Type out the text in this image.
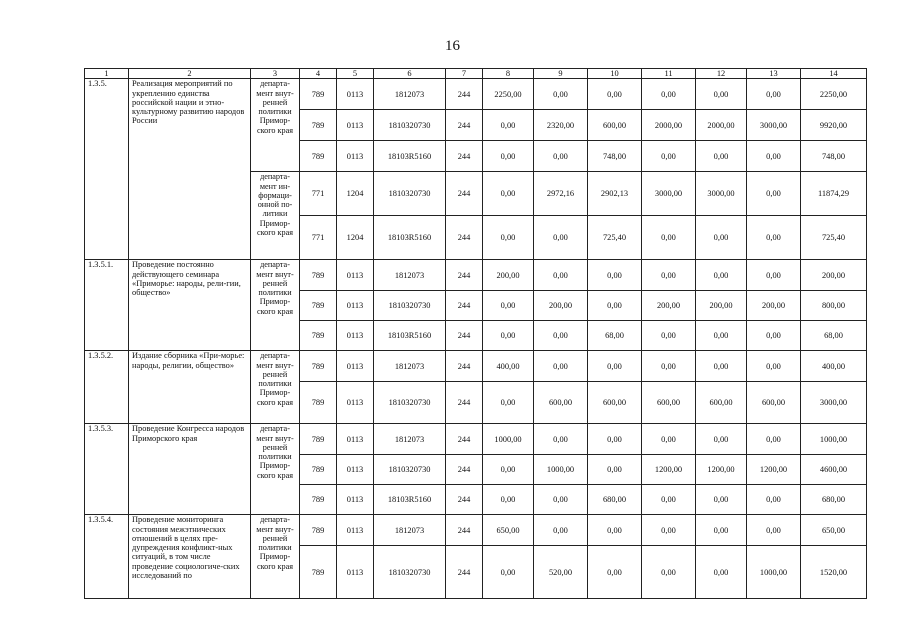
16
1	2	3	4	5	6	7	8	9	10	11	12	13	14
1.3.5.	Реализация мероприятий по укреплению единства российской нации и этно-культурному развитию народов России	департа-мент внут-ренней политики Примор-ского края	789	0113	1812073	244	2250,00	0,00	0,00	0,00	0,00	0,00	2250,00
			789	0113	1810320730	244	0,00	2320,00	600,00	2000,00	2000,00	3000,00	9920,00
			789	0113	18103R5160	244	0,00	0,00	748,00	0,00	0,00	0,00	748,00
		департа-мент ин-формаци-онной по-литики Примор-ского края	771	1204	1810320730	244	0,00	2972,16	2902,13	3000,00	3000,00	0,00	11874,29
			771	1204	18103R5160	244	0,00	0,00	725,40	0,00	0,00	0,00	725,40
1.3.5.1.	Проведение постоянно действующего семинара «Приморье: народы, рели-гии, общество»	департа-мент внут-ренней политики Примор-ского края	789	0113	1812073	244	200,00	0,00	0,00	0,00	0,00	0,00	200,00
			789	0113	1810320730	244	0,00	200,00	0,00	200,00	200,00	200,00	800,00
			789	0113	18103R5160	244	0,00	0,00	68,00	0,00	0,00	0,00	68,00
1.3.5.2.	Издание сборника «При-морье: народы, религии, общество»	департа-мент внут-ренней политики Примор-ского края	789	0113	1812073	244	400,00	0,00	0,00	0,00	0,00	0,00	400,00
			789	0113	1810320730	244	0,00	600,00	600,00	600,00	600,00	600,00	3000,00
1.3.5.3.	Проведение Конгресса народов Приморского края	департа-мент внут-ренней политики Примор-ского края	789	0113	1812073	244	1000,00	0,00	0,00	0,00	0,00	0,00	1000,00
			789	0113	1810320730	244	0,00	1000,00	0,00	1200,00	1200,00	1200,00	4600,00
			789	0113	18103R5160	244	0,00	0,00	680,00	0,00	0,00	0,00	680,00
1.3.5.4.	Проведение мониторинга состояния межэтнических отношений в целях пре-дупреждения конфликт-ных ситуаций, в том числе проведение социологиче-ских исследований по	департа-мент внут-ренней политики Примор-ского края	789	0113	1812073	244	650,00	0,00	0,00	0,00	0,00	0,00	650,00
			789	0113	1810320730	244	0,00	520,00	0,00	0,00	0,00	1000,00	1520,00
